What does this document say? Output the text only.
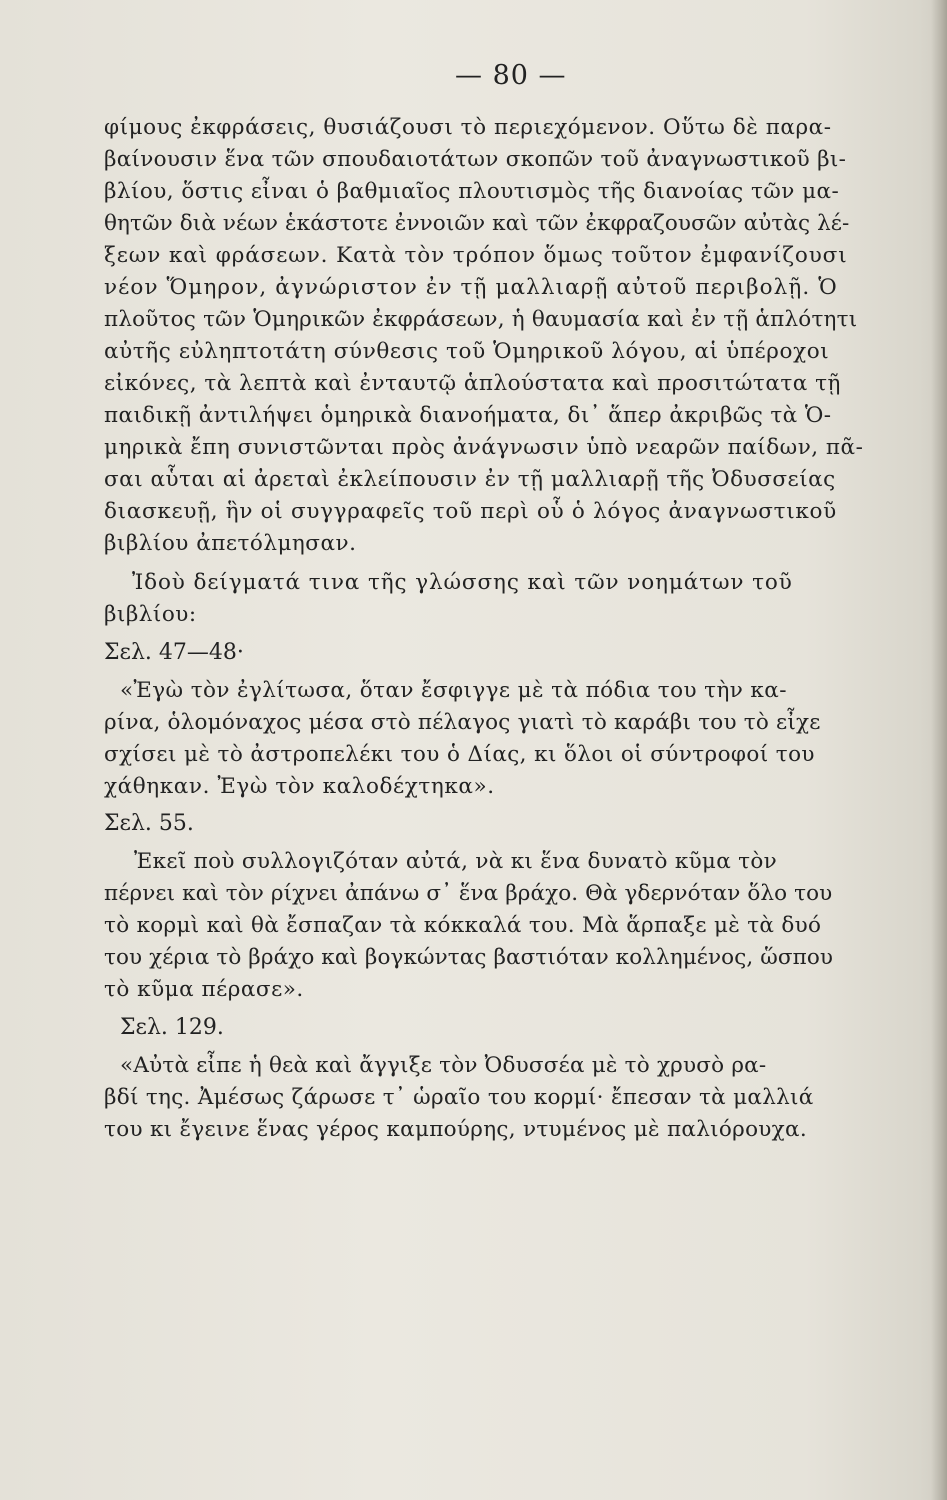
— 80 —
φίμους ἐκφράσεις, θυσιάζουσι τὸ περιεχόμενον. Οὕτω δὲ παρα-
βαίνουσιν ἕνα τῶν σπουδαιοτάτων σκοπῶν τοῦ ἀναγνωστικοῦ βι-
βλίου, ὅστις εἶναι ὁ βαθμιαῖος πλουτισμὸς τῆς διανοίας τῶν μα-
θητῶν διὰ νέων ἑκάστοτε ἐννοιῶν καὶ τῶν ἐκφραζουσῶν αὐτὰς λέ-
ξεων καὶ φράσεων. Κατὰ τὸν τρόπον ὅμως τοῦτον ἐμφανίζουσι
νέον Ὅμηρον, ἀγνώριστον ἐν τῇ μαλλιαρῇ αὐτοῦ περιβολῇ. Ὁ
πλοῦτος τῶν Ὁμηρικῶν ἐκφράσεων, ἡ θαυμασία καὶ ἐν τῇ ἁπλότητι
αὐτῆς εὐληπτοτάτη σύνθεσις τοῦ Ὁμηρικοῦ λόγου, αἱ ὑπέροχοι
εἰκόνες, τὰ λεπτὰ καὶ ἐνταυτῷ ἁπλούστατα καὶ προσιτώτατα τῇ
παιδικῇ ἀντιλήψει ὁμηρικὰ διανοήματα, δι᾿ ἅπερ ἀκριβῶς τὰ Ὁ-
μηρικὰ ἔπη συνιστῶνται πρὸς ἀνάγνωσιν ὑπὸ νεαρῶν παίδων, πᾶ-
σαι αὗται αἱ ἀρεταὶ ἐκλείπουσιν ἐν τῇ μαλλιαρῇ τῆς Ὀδυσσείας
διασκευῇ, ἣν οἱ συγγραφεῖς τοῦ περὶ οὗ ὁ λόγος ἀναγνωστικοῦ
βιβλίου ἀπετόλμησαν.
Ἰδοὺ δείγματά τινα τῆς γλώσσης καὶ τῶν νοημάτων τοῦ
βιβλίου:
Σελ. 47—48·
«Ἐγὼ τὸν ἐγλίτωσα, ὅταν ἔσφιγγε μὲ τὰ πόδια του τὴν κα-
ρίνα, ὁλομόναχος μέσα στὸ πέλαγος γιατὶ τὸ καράβι του τὸ εἶχε
σχίσει μὲ τὸ ἀστροπελέκι του ὁ Δίας, κι ὅλοι οἱ σύντροφοί του
χάθηκαν. Ἐγὼ τὸν καλοδέχτηκα».
Σελ. 55.
Ἐκεῖ ποὺ συλλογιζόταν αὐτά, νὰ κι ἕνα δυνατὸ κῦμα τὸν
πέρνει καὶ τὸν ρίχνει ἀπάνω σ᾿ ἕνα βράχο. Θὰ γδερνόταν ὅλο του
τὸ κορμὶ καὶ θὰ ἔσπαζαν τὰ κόκκαλά του. Μὰ ἅρπαξε μὲ τὰ δυό
του χέρια τὸ βράχο καὶ βογκώντας βαστιόταν κολλημένος, ὥσπου
τὸ κῦμα πέρασε».
Σελ. 129.
«Αὐτὰ εἶπε ἡ θεὰ καὶ ἄγγιξε τὸν Ὀδυσσέα μὲ τὸ χρυσὸ ρα-
βδί της. Ἀμέσως ζάρωσε τ᾿ ὡραῖο του κορμί· ἔπεσαν τὰ μαλλιά
του κι ἔγεινε ἕνας γέρος καμπούρης, ντυμένος μὲ παλιόρουχα.
